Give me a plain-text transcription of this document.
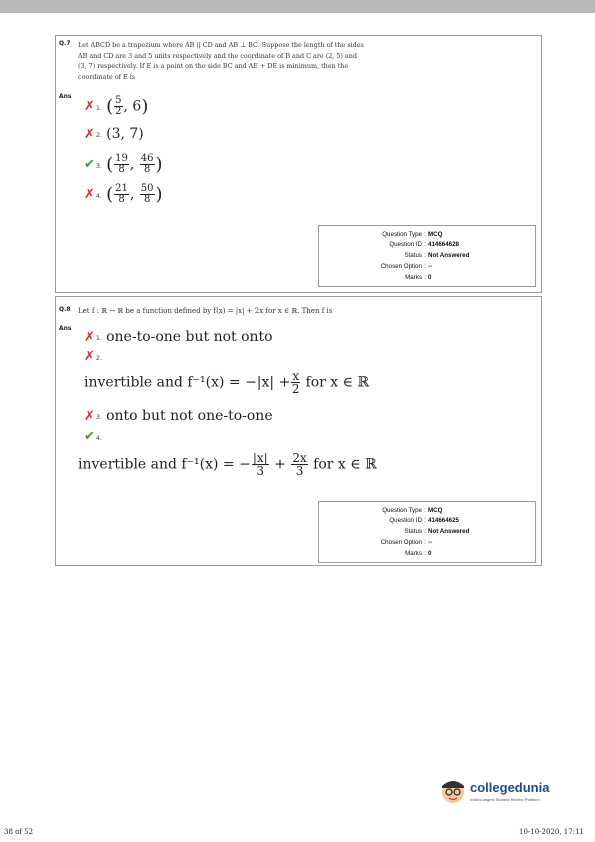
Q.7 Let ABCD be a trapezium where AB || CD and AB ⊥ BC. Suppose the length of the sides
AB and CD are 3 and 5 units respectively and the coordinate of B and C are (2, 5) and
(3, 7) respectively. If E is a point on the side BC and AE + DE is minimum, then the
coordinate of E is
Ans
✗ 1. ( $\frac{5}{2}$ , 6)
✗ 2. (3, 7)
✔ 3. ( $\frac{19}{8}$ , $\frac{46}{8}$ )
✗ 4. ( $\frac{21}{8}$ , $\frac{50}{8}$ )
Question Type : MCQ
Question ID : 414664628
Status : Not Answered
Chosen Option : --
Marks : 0
Q.8 Let f : ℝ → ℝ be a function defined by f(x) = |x| + 2x for x ∈ ℝ. Then f is
Ans
✗ 1. one-to-one but not onto
✗ 2.
invertible and $f^{-1}(x) = -|x| + \frac{x}{2}$ for x ∈ ℝ
✗ 3. onto but not one-to-one
✔ 4.
invertible and f⁻¹(x) = − $\frac{|x|}{3} + \frac{2x}{3}$ for x ∈ ℝ
Question Type : MCQ
Question ID : 414664625
Status : Not Answered
Chosen Option : --
Marks : 0
collegedunia
India's largest Student Review Platform
38 of 52	10-10-2020, 17:11
